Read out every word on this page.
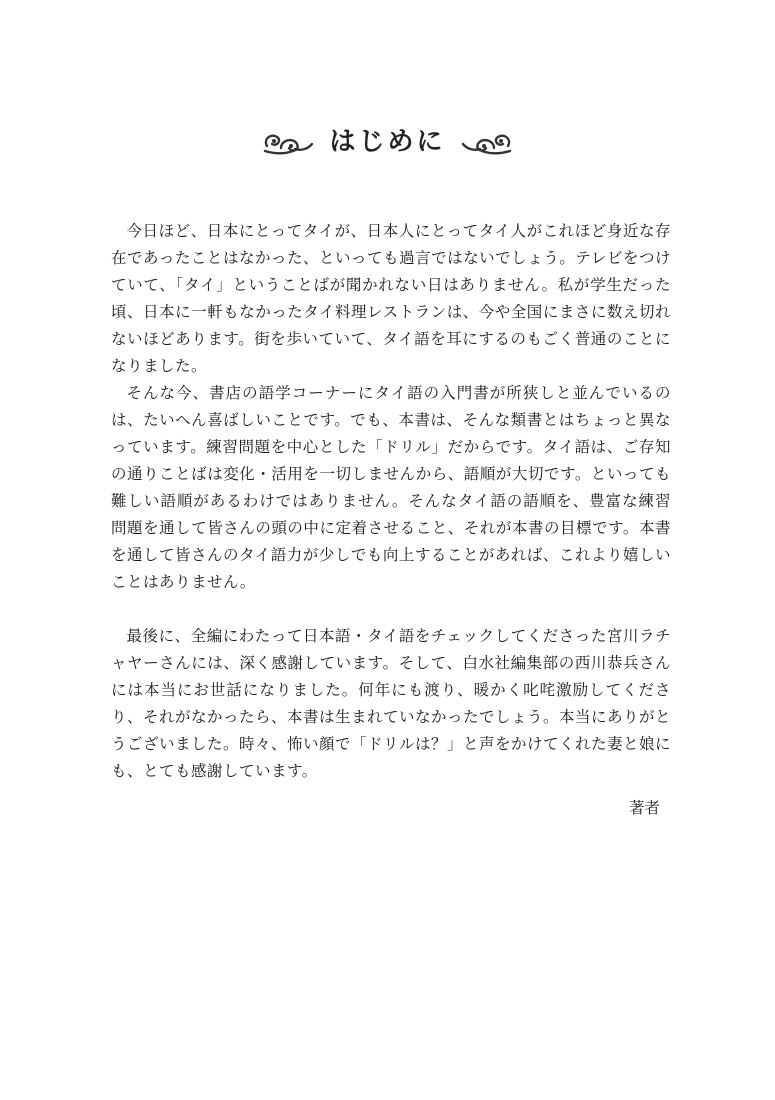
はじめに

今日ほど、日本にとってタイが、日本人にとってタイ人がこれほど身近な存在であったことはなかった、といっても過言ではないでしょう。テレビをつけていて、「タイ」ということばが聞かれない日はありません。私が学生だった頃、日本に一軒もなかったタイ料理レストランは、今や全国にまさに数え切れないほどあります。街を歩いていて、タイ語を耳にするのもごく普通のことになりました。

そんな今、書店の語学コーナーにタイ語の入門書が所狭しと並んでいるのは、たいへん喜ばしいことです。でも、本書は、そんな類書とはちょっと異なっています。練習問題を中心とした「ドリル」だからです。タイ語は、ご存知の通りことばは変化・活用を一切しませんから、語順が大切です。といっても難しい語順があるわけではありません。そんなタイ語の語順を、豊富な練習問題を通して皆さんの頭の中に定着させること、それが本書の目標です。本書を通して皆さんのタイ語力が少しでも向上することがあれば、これより嬉しいことはありません。

最後に、全編にわたって日本語・タイ語をチェックしてくださった宮川ラチャヤーさんには、深く感謝しています。そして、白水社編集部の西川恭兵さんには本当にお世話になりました。何年にも渡り、暖かく叱咤激励してくださり、それがなかったら、本書は生まれていなかったでしょう。本当にありがとうございました。時々、怖い顔で「ドリルは？」と声をかけてくれた妻と娘にも、とても感謝しています。

著者
